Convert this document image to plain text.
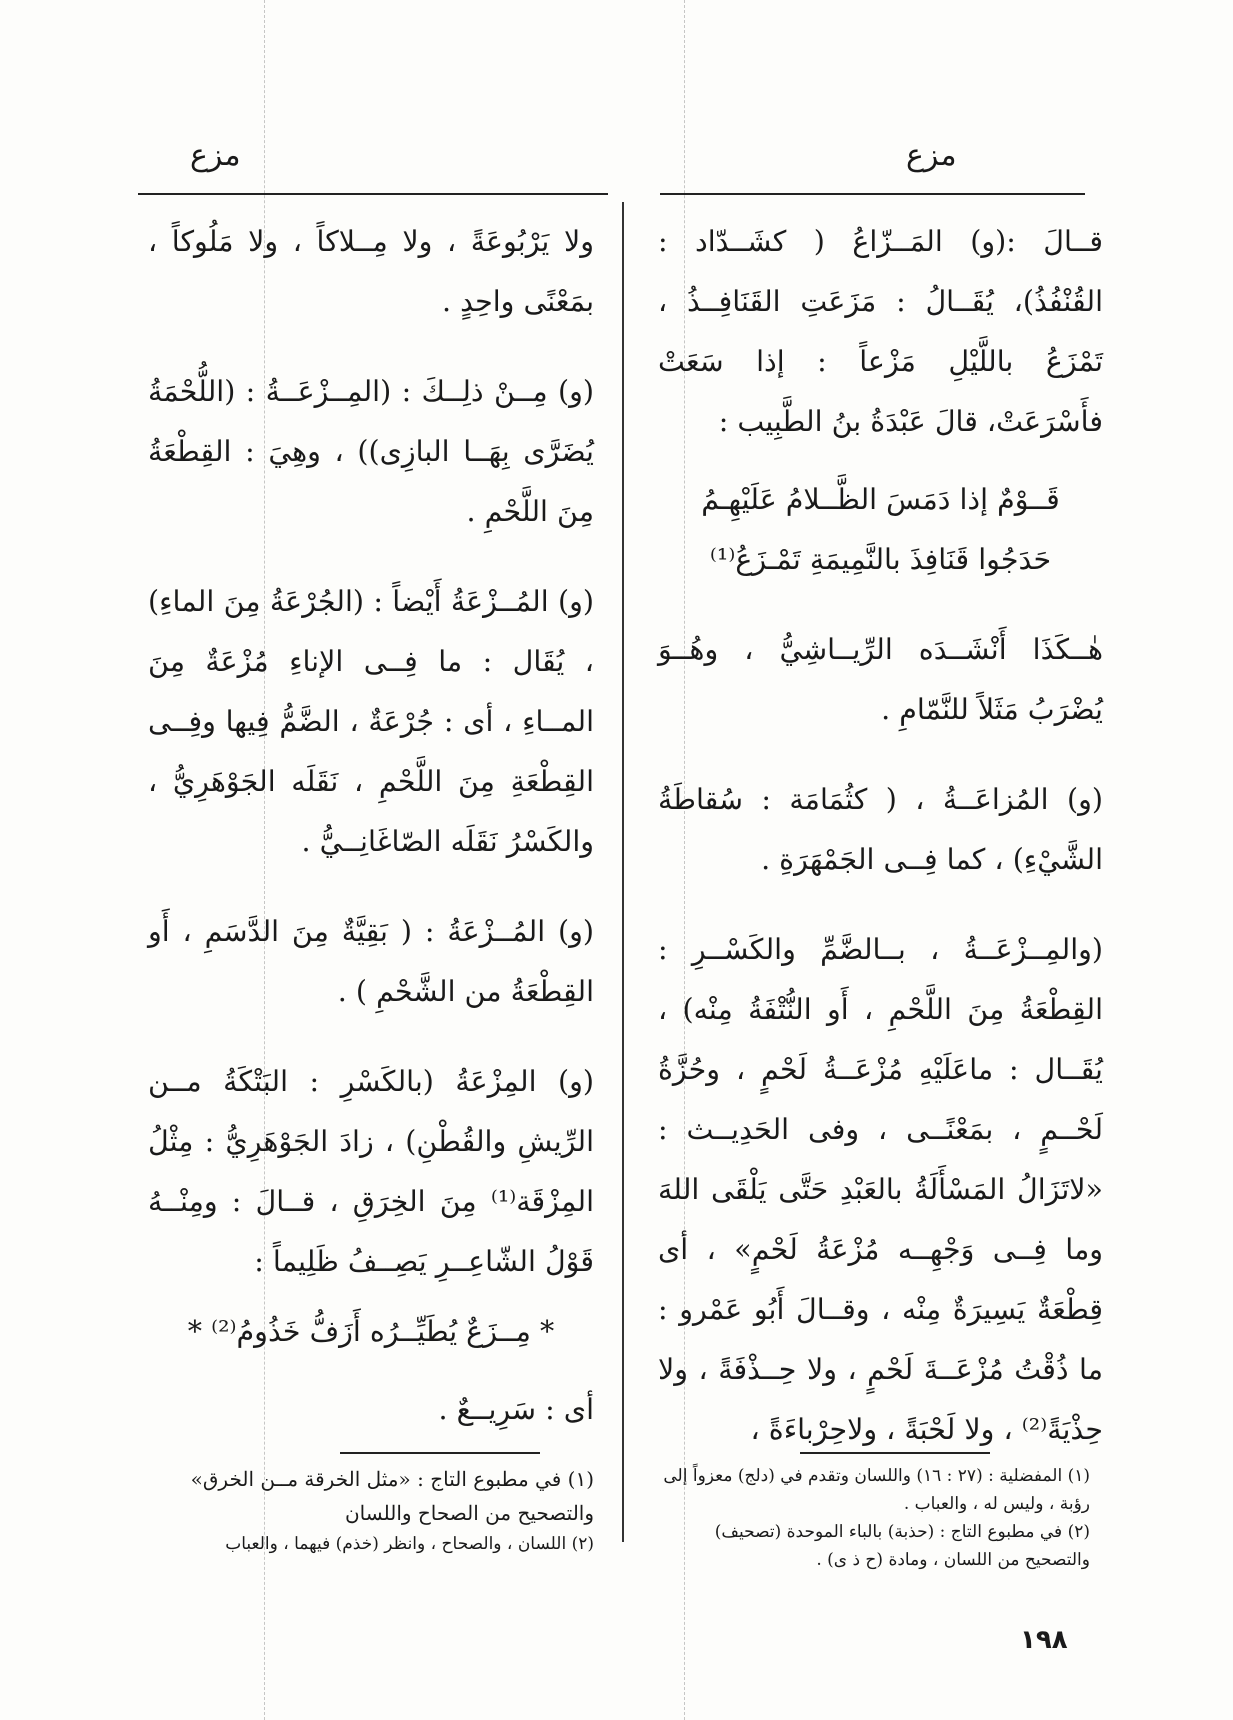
مزع
مزع

قــالَ :(و) المَــزّاعُ ( كشَــدّاد : القُنْفُذُ)، يُقَــالُ : مَزَعَتِ القَنَافِــذُ ، تَمْزَعُ باللَّيْلِ مَزْعاً : إذا سَعَتْ فأَسْرَعَتْ، قالَ عَبْدَةُ بنُ الطَّبِيب :

قَــوْمٌ إذا دَمَسَ الظَّــلامُ عَلَيْهِـمُ

حَدَجُوا قَنَافِذَ بالنَّمِيمَةِ تَمْـزَعُ⁽¹⁾

هٰــكَذَا أَنْشَــدَه الرِّيــاشِيُّ ، وهُــوَ يُضْرَبُ مَثَلاً للنَّمّامِ .

(و) المُزاعَــةُ ، ( كثُمَامَة : سُقاطَةُ الشَّيْءِ) ، كما فِــى الجَمْهَرَةِ .

(والمِــزْعَــةُ ، بــالضَّمِّ والكَسْــرِ : القِطْعَةُ مِنَ اللَّحْمِ ، أَو النُّتْفَةُ مِنْه) ، يُقَــال : ماعَلَيْهِ مُزْعَــةُ لَحْمٍ ، وحُزَّةُ لَحْــمٍ ، بمَعْنًــى ، وفى الحَدِيــث : «لاتَزَالُ المَسْأَلَةُ بالعَبْدِ حَتَّى يَلْقَى اللهَ وما فِــى وَجْهِــه مُزْعَةُ لَحْمٍ» ، أى قِطْعَةٌ يَسِيرَةٌ مِنْه ، وقــالَ أَبُو عَمْرو : ما ذُقْتُ مُزْعَــةَ لَحْمٍ ، ولا حِــذْفَةً ، ولا حِذْيَةً⁽²⁾ ، ولا لَحْبَةً ، ولاحِرْباءَةً ،

ولا يَرْبُوعَةً ، ولا مِــلاكاً ، ولا مَلُوكاً ، بمَعْنًى واحِدٍ .

(و) مِــنْ ذلِــكَ : (المِــزْعَــةُ : (اللُّحْمَةُ يُضَرَّى بِهَــا البازِى)) ، وهِيَ : القِطْعَةُ مِنَ اللَّحْمِ .

(و) المُــزْعَةُ أَيْضاً : (الجُرْعَةُ مِنَ الماءِ) ، يُقَال : ما فِــى الإناءِ مُزْعَةٌ مِنَ المــاءِ ، أى : جُرْعَةٌ ، الضَّمُّ فِيها وفِــى القِطْعَةِ مِنَ اللَّحْمِ ، نَقَلَه الجَوْهَرِيُّ ، والكَسْرُ نَقَلَه الصّاغَانِــيُّ .

(و) المُــزْعَةُ : ( بَقِيَّةٌ مِنَ الدَّسَمِ ، أَو القِطْعَةُ من الشَّحْمِ ) .

(و) المِزْعَةُ (بالكَسْرِ : البَتْكَةُ مــن الرِّيشِ والقُطْنِ) ، زادَ الجَوْهَرِيُّ : مِثْلُ المِزْقَة⁽¹⁾ مِنَ الخِرَقِ ، قــالَ : ومِنْــهُ قَوْلُ الشّاعِــرِ يَصِــفُ ظَلِيماً :

* مِــزَعٌ يُطَيِّــرُه أَزَفُّ خَذُومُ⁽²⁾ *

أى : سَرِيــعٌ .

(١) في مطبوع التاج : «مثل الخرقة مــن الخرق» والتصحيح من الصحاح واللسان

(٢) اللسان ، والصحاح ، وانظر (خذم) فيهما ، والعباب

(١) المفضلية : (٢٧ : ١٦) واللسان وتقدم في (دلج) معزواً إلى رؤبة ، وليس له ، والعباب .

(٢) في مطبوع التاج : (حذبة) بالباء الموحدة (تصحيف) والتصحيح من اللسان ، ومادة (ح ذ ى) .

١٩٨
